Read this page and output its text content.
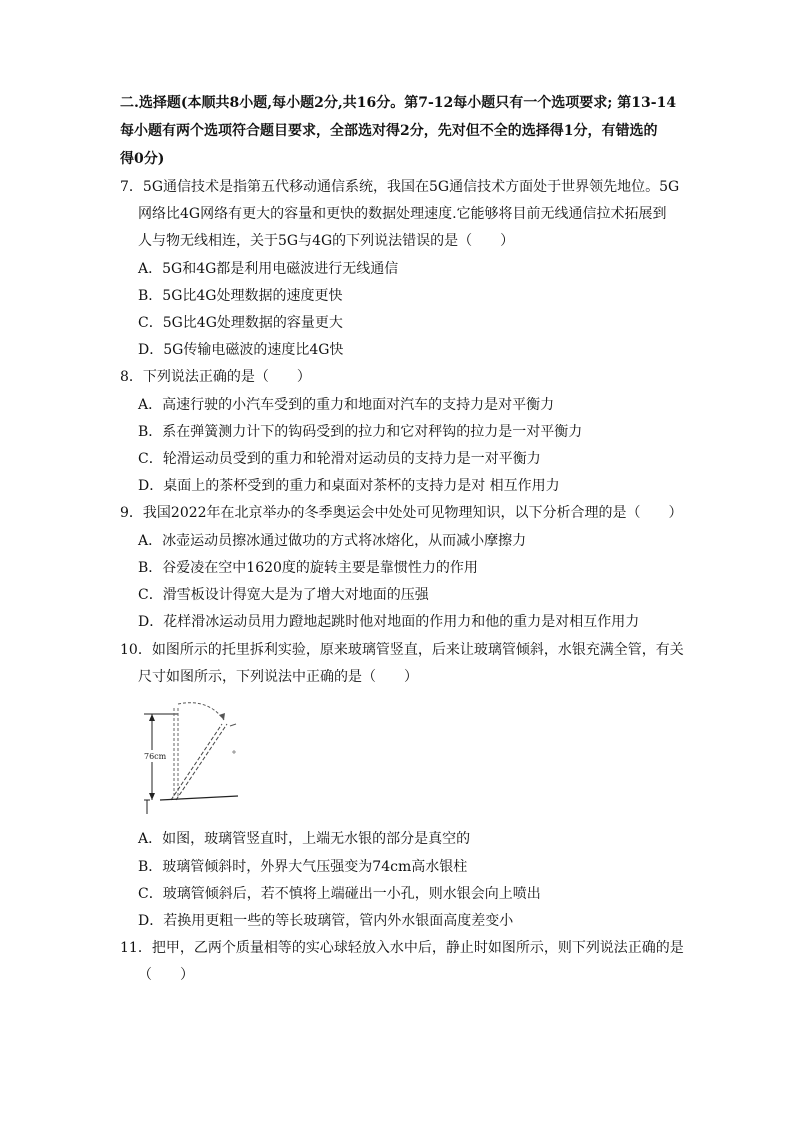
二.选择题(本顺共8小题,每小题2分,共16分。第7-12每小题只有一个选项要求; 第13-14
每小题有两个选项符合题目要求，全部选对得2分，先对但不全的选择得1分，有错选的
得0分)
7．5G通信技术是指第五代移动通信系统，我国在5G通信技术方面处于世界领先地位。5G
网络比4G网络有更大的容量和更快的数据处理速度.它能够将目前无线通信拉术拓展到
人与物无线相连，关于5G与4G的下列说法错误的是（　　）
A．5G和4G都是利用电磁波进行无线通信
B．5G比4G处理数据的速度更快
C．5G比4G处理数据的容量更大
D．5G传输电磁波的速度比4G快
8．下列说法正确的是（　　）
A．高速行驶的小汽车受到的重力和地面对汽车的支持力是对平衡力
B．系在弹簧测力计下的钩码受到的拉力和它对秤钩的拉力是一对平衡力
C．轮滑运动员受到的重力和轮滑对运动员的支持力是一对平衡力
D．桌面上的茶杯受到的重力和桌面对茶杯的支持力是对 相互作用力
9．我国2022年在北京举办的冬季奥运会中处处可见物理知识，以下分析合理的是（　　）
A．冰壶运动员擦冰通过做功的方式将冰熔化，从而减小摩擦力
B．谷爱凌在空中1620度的旋转主要是靠惯性力的作用
C．滑雪板设计得宽大是为了增大对地面的压强
D．花样滑冰运动员用力蹬地起跳时他对地面的作用力和他的重力是对相互作用力
10．如图所示的托里拆利实验，原来玻璃管竖直，后来让玻璃管倾斜，水银充满全管，有关
尺寸如图所示，下列说法中正确的是（　　）
76cm
A．如图，玻璃管竖直时，上端无水银的部分是真空的
B．玻璃管倾斜时，外界大气压强变为74cm高水银柱
C．玻璃管倾斜后，若不慎将上端碰出一小孔，则水银会向上喷出
D．若换用更粗一些的等长玻璃管，管内外水银面高度差变小
11．把甲，乙两个质量相等的实心球轻放入水中后，静止时如图所示，则下列说法正确的是
（　　）
